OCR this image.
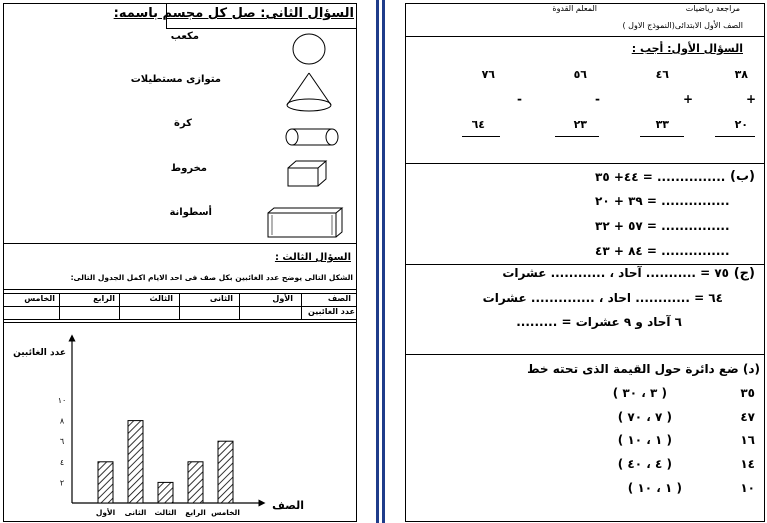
السؤال الثانى: صل كل مجسم باسمه:
مكعب
متوازى مستطيلات
كرة
مخروط
أسطوانة
السؤال الثالث :
الشكل التالى يوضح عدد الغائبين بكل صف فى احد الايام اكمل الجدول التالى:
الصف
الأول
الثانى
الثالث
الرابع
الخامس
عدد الغائبين
عدد الغائبين
الصف
٢
٤
٦
٨
١٠
الأول الثانى الثالث الرابع الخامس
مراجعة رياضيات
المعلم القدوة
الصف الأول الابتدائى(النموذج الاول )
السؤال الأول: أجب :
٣٨
+
٢٠
٤٦
+
٣٣
٥٦
-
٢٣
٧٦
-
٦٤
(ب)
٤٤+ ٣٥ = ...............
٣٩ + ٢٠ = ...............
٥٧ + ٣٢ = ...............
٨٤ + ٤٣ = ...............
(ج)
٧٥ = ........... آحاد ، ............ عشرات
٦٤ = ............ احاد ، .............. عشرات
٦ آحاد و ٩ عشرات = .........
(د) ضع دائرة حول القيمة الذى تحته خط
٣٥
( ٣ ، ٣٠ )
٤٧
( ٧ ، ٧٠ )
١٦
( ١ ، ١٠ )
١٤
( ٤ ، ٤٠ )
١٠
( ١ ، ١٠ )
